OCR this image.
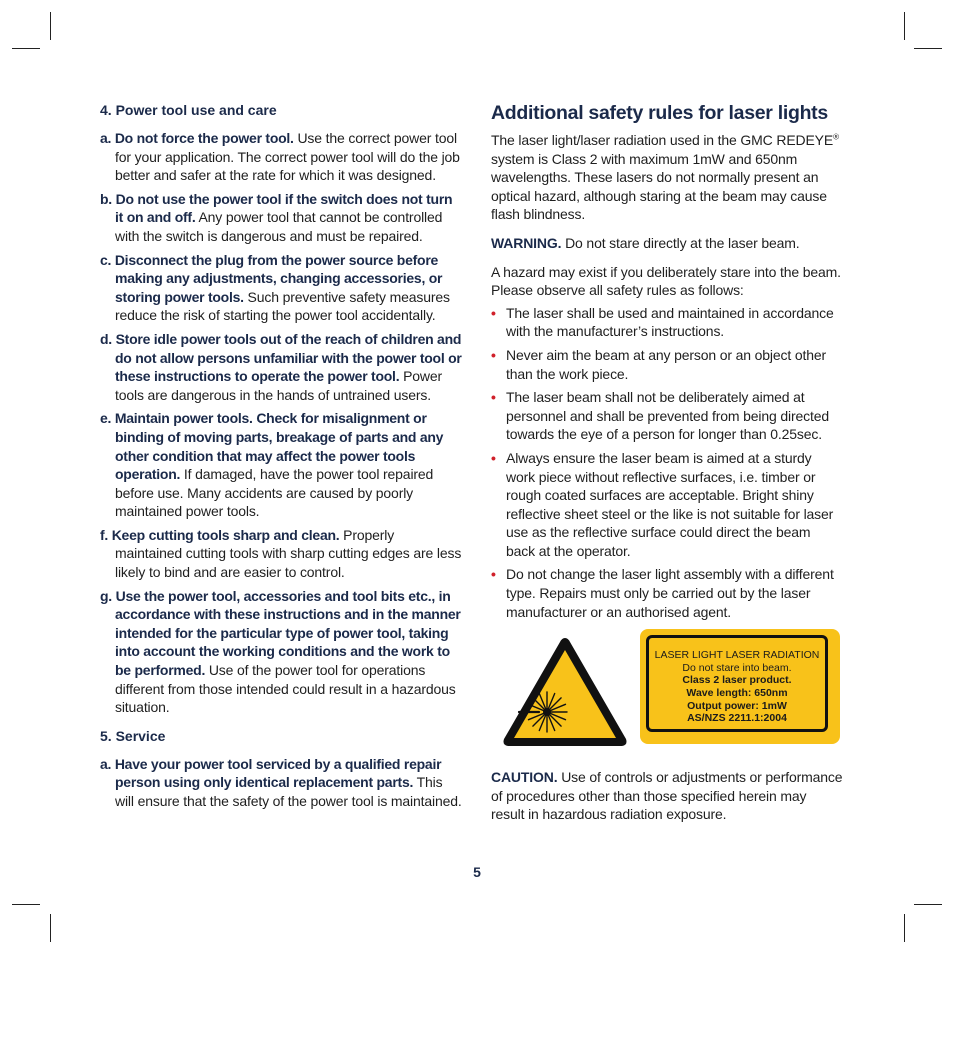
4. Power tool use and care
a. Do not force the power tool. Use the correct power tool for your application. The correct power tool will do the job better and safer at the rate for which it was designed.
b. Do not use the power tool if the switch does not turn it on and off. Any power tool that cannot be controlled with the switch is dangerous and must be repaired.
c. Disconnect the plug from the power source before making any adjustments, changing accessories, or storing power tools. Such preventive safety measures reduce the risk of starting the power tool accidentally.
d. Store idle power tools out of the reach of children and do not allow persons unfamiliar with the power tool or these instructions to operate the power tool. Power tools are dangerous in the hands of untrained users.
e. Maintain power tools. Check for misalignment or binding of moving parts, breakage of parts and any other condition that may affect the power tools operation. If damaged, have the power tool repaired before use. Many accidents are caused by poorly maintained power tools.
f. Keep cutting tools sharp and clean. Properly maintained cutting tools with sharp cutting edges are less likely to bind and are easier to control.
g. Use the power tool, accessories and tool bits etc., in accordance with these instructions and in the manner intended for the particular type of power tool, taking into account the working conditions and the work to be performed. Use of the power tool for operations different from those intended could result in a hazardous situation.
5. Service
a. Have your power tool serviced by a qualified repair person using only identical replacement parts. This will ensure that the safety of the power tool is maintained.
Additional safety rules for laser lights

The laser light/laser radiation used in the GMC REDEYE® system is Class 2 with maximum 1mW and 650nm wavelengths. These lasers do not normally present an optical hazard, although staring at the beam may cause flash blindness.

WARNING. Do not stare directly at the laser beam.

A hazard may exist if you deliberately stare into the beam. Please observe all safety rules as follows:

• The laser shall be used and maintained in accordance with the manufacturer’s instructions.
• Never aim the beam at any person or an object other than the work piece.
• The laser beam shall not be deliberately aimed at personnel and shall be prevented from being directed towards the eye of a person for longer than 0.25sec.
• Always ensure the laser beam is aimed at a sturdy work piece without reflective surfaces, i.e. timber or rough coated surfaces are acceptable. Bright shiny reflective sheet steel or the like is not suitable for laser use as the reflective surface could direct the beam back at the operator.
• Do not change the laser light assembly with a different type. Repairs must only be carried out by the laser manufacturer or an authorised agent.
LASER LIGHT LASER RADIATION
Do not stare into beam.
Class 2 laser product.
Wave length: 650nm
Output power: 1mW
AS/NZS 2211.1:2004

CAUTION. Use of controls or adjustments or performance of procedures other than those specified herein may result in hazardous radiation exposure.

5
